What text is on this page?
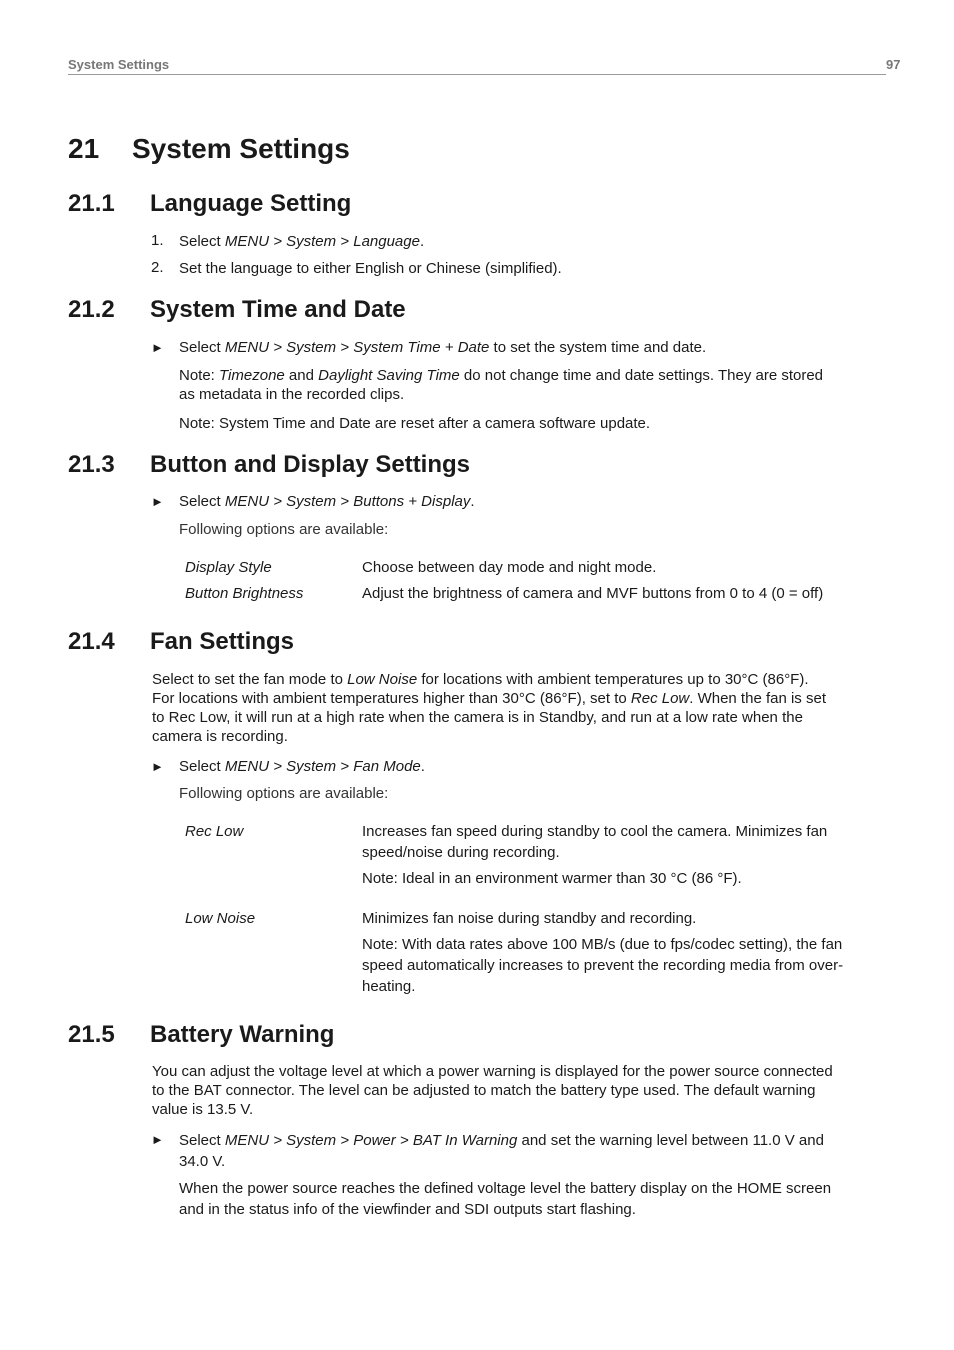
System Settings	97
21 System Settings
21.1 Language Setting
1. Select MENU > System > Language.
2. Set the language to either English or Chinese (simplified).
21.2 System Time and Date
► Select MENU > System > System Time + Date to set the system time and date.
Note: Timezone and Daylight Saving Time do not change time and date settings. They are stored
as metadata in the recorded clips.
Note: System Time and Date are reset after a camera software update.
21.3 Button and Display Settings
► Select MENU > System > Buttons + Display.
Following options are available:
Display Style	Choose between day mode and night mode.
Button Brightness	Adjust the brightness of camera and MVF buttons from 0 to 4 (0 = off)
21.4 Fan Settings
Select to set the fan mode to Low Noise for locations with ambient temperatures up to 30°C (86°F).
For locations with ambient temperatures higher than 30°C (86°F), set to Rec Low. When the fan is set
to Rec Low, it will run at a high rate when the camera is in Standby, and run at a low rate when the
camera is recording.
► Select MENU > System > Fan Mode.
Following options are available:
Rec Low	Increases fan speed during standby to cool the camera. Minimizes fan
speed/noise during recording.
Note: Ideal in an environment warmer than 30 °C (86 °F).
Low Noise	Minimizes fan noise during standby and recording.
Note: With data rates above 100 MB/s (due to fps/codec setting), the fan
speed automatically increases to prevent the recording media from over-
heating.
21.5 Battery Warning
You can adjust the voltage level at which a power warning is displayed for the power source connected
to the BAT connector. The level can be adjusted to match the battery type used. The default warning
value is 13.5 V.
► Select MENU > System > Power > BAT In Warning and set the warning level between 11.0 V and
34.0 V.
When the power source reaches the defined voltage level the battery display on the HOME screen
and in the status info of the viewfinder and SDI outputs start flashing.
